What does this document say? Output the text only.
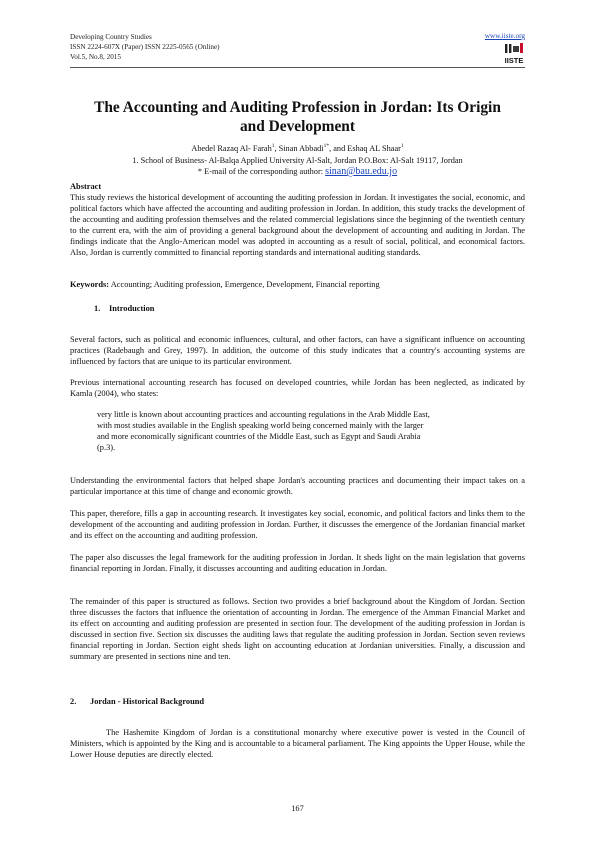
Developing Country Studies
ISSN 2224-607X (Paper) ISSN 2225-0565 (Online)
Vol.5, No.8, 2015
www.iiste.org
IISTE
The Accounting and Auditing Profession in Jordan: Its Origin
and Development
Abedel Razaq Al- Farah$^1$, Sinan Abbadi$^{1*}$, and Eshaq AL Shaar$^1$
1. School of Business- Al-Balqa Applied University Al-Salt, Jordan P.O.Box: Al-Salt 19117, Jordan
* E-mail of the corresponding author: sinan@bau.edu.jo
Abstract

This study reviews the historical development of accounting the auditing profession in Jordan. It investigates the social, economic, and political factors which have affected the accounting and auditing profession in Jordan. In addition, this study tracks the development of the accounting and auditing profession themselves and the related commercial legislations since the beginning of the twentieth century to the current era, with the aim of providing a general background about the development of accounting and auditing in Jordan. The findings indicate that the Anglo-American model was adopted in accounting as a result of social, political, and economical factors. Also, Jordan is currently committed to financial reporting standards and international auditing standards.

Keywords: Accounting; Auditing profession, Emergence, Development, Financial reporting
1. Introduction

Several factors, such as political and economic influences, cultural, and other factors, can have a significant influence on accounting practices (Radebaugh and Grey, 1997). In addition, the outcome of this study indicates that a country's accounting systems are influenced by factors that are unique to its particular environment.

Previous international accounting research has focused on developed countries, while Jordan has been neglected, as indicated by Kamla (2004), who states:

very little is known about accounting practices and accounting regulations in the Arab Middle East,
with most studies available in the English speaking world being concerned mainly with the larger
and more economically significant countries of the Middle East, such as Egypt and Saudi Arabia
(p.3).

Understanding the environmental factors that helped shape Jordan's accounting practices and documenting their impact takes on a particular importance at this time of change and economic growth.

This paper, therefore, fills a gap in accounting research. It investigates key social, economic, and political factors and links them to the development of the accounting and auditing profession in Jordan. Further, it discusses the emergence of the Jordanian financial market and its effect on the accounting and auditing profession.

The paper also discusses the legal framework for the auditing profession in Jordan. It sheds light on the main legislation that governs financial reporting in Jordan. Finally, it discusses accounting and auditing education in Jordan.

The remainder of this paper is structured as follows. Section two provides a brief background about the Kingdom of Jordan. Section three discusses the factors that influence the orientation of accounting in Jordan. The emergence of the Amman Financial Market and its effect on accounting and auditing profession are presented in section four. The development of the auditing profession in Jordan is discussed in section five. Section six discusses the auditing laws that regulate the auditing profession in Jordan. Section seven reviews financial reporting in Jordan. Section eight sheds light on accounting education at Jordanian universities. Finally, a discussion and summary are presented in sections nine and ten.

2. Jordan - Historical Background

The Hashemite Kingdom of Jordan is a constitutional monarchy where executive power is vested in the Council of Ministers, which is appointed by the King and is accountable to a bicameral parliament. The King appoints the Upper House, while the Lower House deputies are directly elected.

167
